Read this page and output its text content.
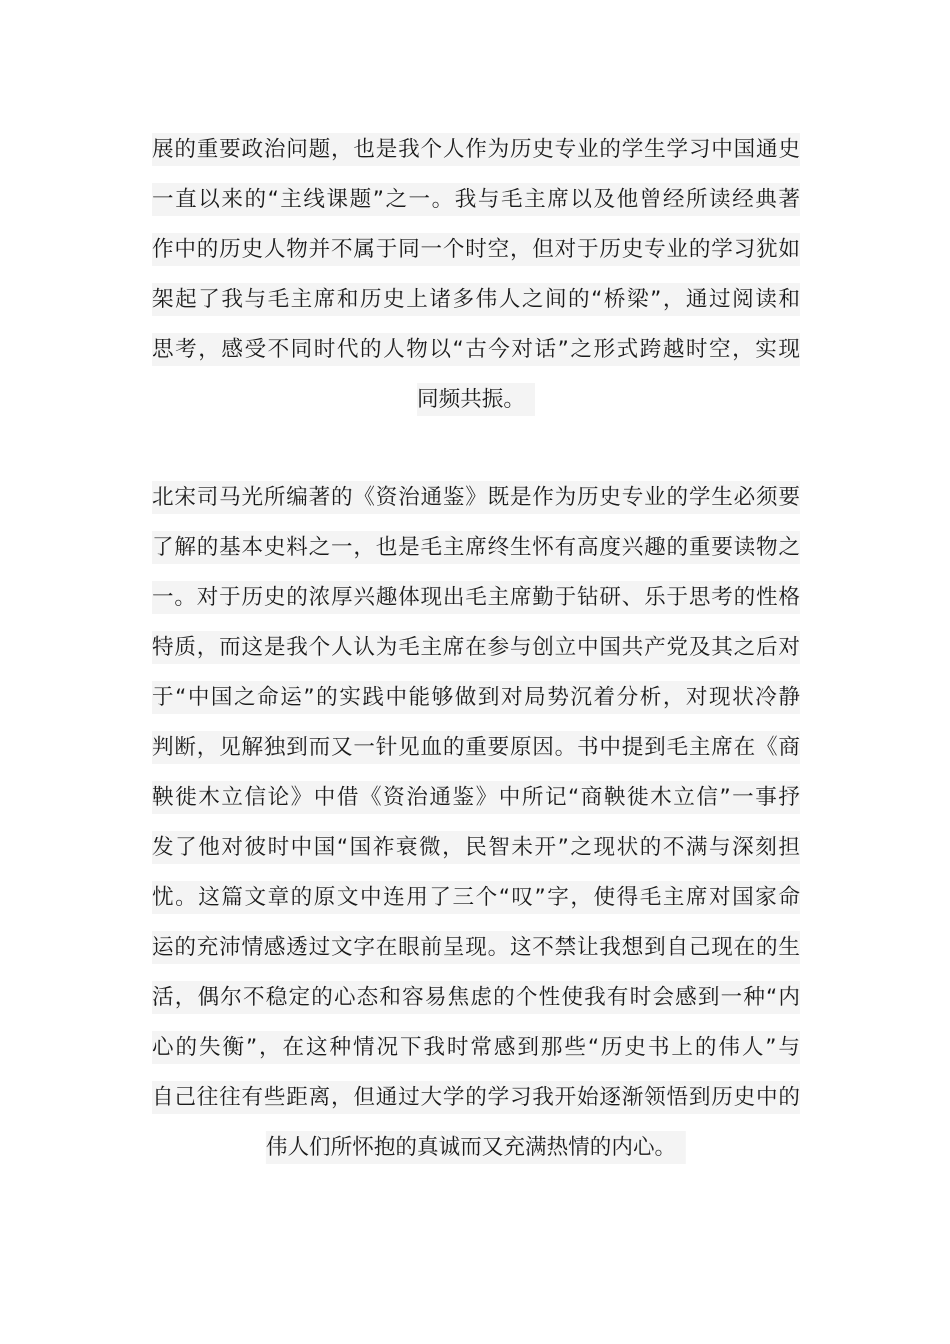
展的重要政治问题，也是我个人作为历史专业的学生学习中国通史
一直以来的“主线课题”之一。我与毛主席以及他曾经所读经典著
作中的历史人物并不属于同一个时空，但对于历史专业的学习犹如
架起了我与毛主席和历史上诸多伟人之间的“桥梁”，通过阅读和
思考，感受不同时代的人物以“古今对话”之形式跨越时空，实现
同频共振。
北宋司马光所编著的《资治通鉴》既是作为历史专业的学生必须要
了解的基本史料之一，也是毛主席终生怀有高度兴趣的重要读物之
一。对于历史的浓厚兴趣体现出毛主席勤于钻研、乐于思考的性格
特质，而这是我个人认为毛主席在参与创立中国共产党及其之后对
于“中国之命运”的实践中能够做到对局势沉着分析，对现状冷静
判断，见解独到而又一针见血的重要原因。书中提到毛主席在《商
鞅徙木立信论》中借《资治通鉴》中所记“商鞅徙木立信”一事抒
发了他对彼时中国“国祚衰微，民智未开”之现状的不满与深刻担
忧。这篇文章的原文中连用了三个“叹”字，使得毛主席对国家命
运的充沛情感透过文字在眼前呈现。这不禁让我想到自己现在的生
活，偶尔不稳定的心态和容易焦虑的个性使我有时会感到一种“内
心的失衡”，在这种情况下我时常感到那些“历史书上的伟人”与
自己往往有些距离，但通过大学的学习我开始逐渐领悟到历史中的
伟人们所怀抱的真诚而又充满热情的内心。
